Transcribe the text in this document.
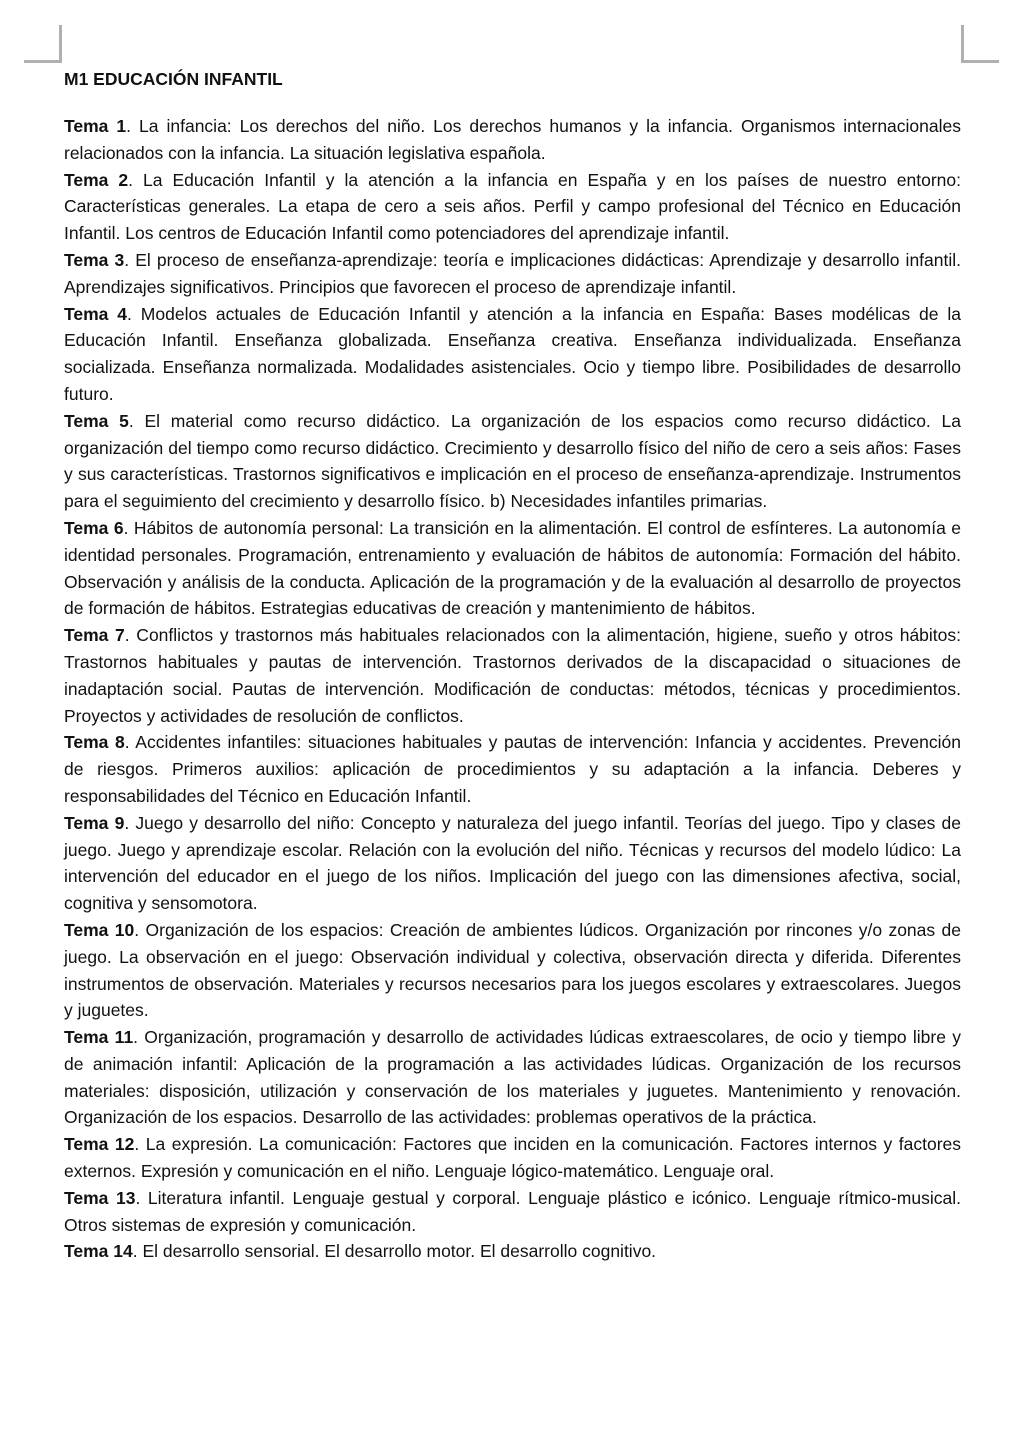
M1 EDUCACIÓN INFANTIL
Tema 1. La infancia: Los derechos del niño. Los derechos humanos y la infancia. Organismos internacionales relacionados con la infancia. La situación legislativa española.
Tema 2. La Educación Infantil y la atención a la infancia en España y en los países de nuestro entorno: Características generales. La etapa de cero a seis años. Perfil y campo profesional del Técnico en Educación Infantil. Los centros de Educación Infantil como potenciadores del aprendizaje infantil.
Tema 3. El proceso de enseñanza-aprendizaje: teoría e implicaciones didácticas: Aprendizaje y desarrollo infantil. Aprendizajes significativos. Principios que favorecen el proceso de aprendizaje infantil.
Tema 4. Modelos actuales de Educación Infantil y atención a la infancia en España: Bases modélicas de la Educación Infantil. Enseñanza globalizada. Enseñanza creativa. Enseñanza individualizada. Enseñanza socializada. Enseñanza normalizada. Modalidades asistenciales. Ocio y tiempo libre. Posibilidades de desarrollo futuro.
Tema 5. El material como recurso didáctico. La organización de los espacios como recurso didáctico. La organización del tiempo como recurso didáctico. Crecimiento y desarrollo físico del niño de cero a seis años: Fases y sus características. Trastornos significativos e implicación en el proceso de enseñanza-aprendizaje. Instrumentos para el seguimiento del crecimiento y desarrollo físico. b) Necesidades infantiles primarias.
Tema 6. Hábitos de autonomía personal: La transición en la alimentación. El control de esfínteres. La autonomía e identidad personales. Programación, entrenamiento y evaluación de hábitos de autonomía: Formación del hábito. Observación y análisis de la conducta. Aplicación de la programación y de la evaluación al desarrollo de proyectos de formación de hábitos. Estrategias educativas de creación y mantenimiento de hábitos.
Tema 7. Conflictos y trastornos más habituales relacionados con la alimentación, higiene, sueño y otros hábitos: Trastornos habituales y pautas de intervención. Trastornos derivados de la discapacidad o situaciones de inadaptación social. Pautas de intervención. Modificación de conductas: métodos, técnicas y procedimientos. Proyectos y actividades de resolución de conflictos.
Tema 8. Accidentes infantiles: situaciones habituales y pautas de intervención: Infancia y accidentes. Prevención de riesgos. Primeros auxilios: aplicación de procedimientos y su adaptación a la infancia. Deberes y responsabilidades del Técnico en Educación Infantil.
Tema 9. Juego y desarrollo del niño: Concepto y naturaleza del juego infantil. Teorías del juego. Tipo y clases de juego. Juego y aprendizaje escolar. Relación con la evolución del niño. Técnicas y recursos del modelo lúdico: La intervención del educador en el juego de los niños. Implicación del juego con las dimensiones afectiva, social, cognitiva y sensomotora.
Tema 10. Organización de los espacios: Creación de ambientes lúdicos. Organización por rincones y/o zonas de juego. La observación en el juego: Observación individual y colectiva, observación directa y diferida. Diferentes instrumentos de observación. Materiales y recursos necesarios para los juegos escolares y extraescolares. Juegos y juguetes.
Tema 11. Organización, programación y desarrollo de actividades lúdicas extraescolares, de ocio y tiempo libre y de animación infantil: Aplicación de la programación a las actividades lúdicas. Organización de los recursos materiales: disposición, utilización y conservación de los materiales y juguetes. Mantenimiento y renovación. Organización de los espacios. Desarrollo de las actividades: problemas operativos de la práctica.
Tema 12. La expresión. La comunicación: Factores que inciden en la comunicación. Factores internos y factores externos. Expresión y comunicación en el niño. Lenguaje lógico-matemático. Lenguaje oral.
Tema 13. Literatura infantil. Lenguaje gestual y corporal. Lenguaje plástico e icónico. Lenguaje rítmico-musical. Otros sistemas de expresión y comunicación.
Tema 14. El desarrollo sensorial. El desarrollo motor. El desarrollo cognitivo.
